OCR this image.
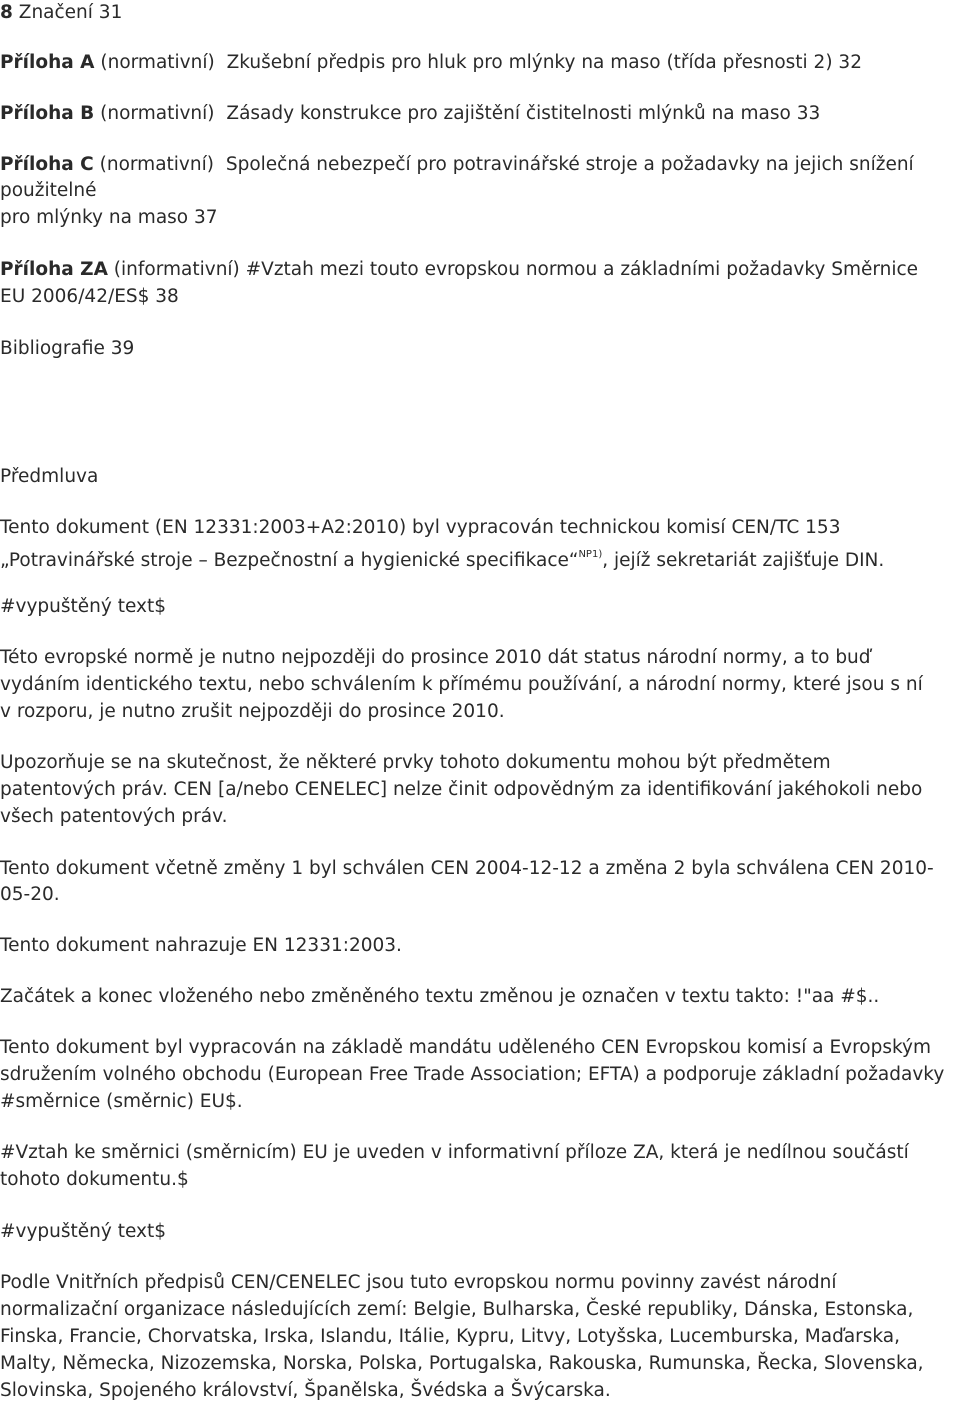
8 Značení 31
Příloha A (normativní) Zkušební předpis pro hluk pro mlýnky na maso (třída přesnosti 2) 32
Příloha B (normativní) Zásady konstrukce pro zajištění čistitelnosti mlýnků na maso 33
Příloha C (normativní) Společná nebezpečí pro potravinářské stroje a požadavky na jejich snížení
použitelné
pro mlýnky na maso 37
Příloha ZA (informativní) #Vztah mezi touto evropskou normou a základními požadavky Směrnice
EU 2006/42/ES$ 38
Bibliografie 39
Předmluva
Tento dokument (EN 12331:2003+A2:2010) byl vypracován technickou komisí CEN/TC 153
„Potravinářské stroje – Bezpečnostní a hygienické specifikace“$^{NP1)}$, jejíž sekretariát zajišťuje DIN.
#vypuštěný text$
Této evropské normě je nutno nejpozději do prosince 2010 dát status národní normy, a to buď
vydáním identického textu, nebo schválením k přímému používání, a národní normy, které jsou s ní
v rozporu, je nutno zrušit nejpozději do prosince 2010.
Upozorňuje se na skutečnost, že některé prvky tohoto dokumentu mohou být předmětem
patentových práv. CEN [a/nebo CENELEC] nelze činit odpovědným za identifikování jakéhokoli nebo
všech patentových práv.
Tento dokument včetně změny 1 byl schválen CEN 2004-12-12 a změna 2 byla schválena CEN 2010-
05-20.
Tento dokument nahrazuje EN 12331:2003.
Začátek a konec vloženého nebo změněného textu změnou je označen v textu takto: !"aa #$..
Tento dokument byl vypracován na základě mandátu uděleného CEN Evropskou komisí a Evropským
sdružením volného obchodu (European Free Trade Association; EFTA) a podporuje základní požadavky
#směrnice (směrnic) EU$.
#Vztah ke směrnici (směrnicím) EU je uveden v informativní příloze ZA, která je nedílnou součástí
tohoto dokumentu.$
#vypuštěný text$
Podle Vnitřních předpisů CEN/CENELEC jsou tuto evropskou normu povinny zavést národní
normalizační organizace následujících zemí: Belgie, Bulharska, České republiky, Dánska, Estonska,
Finska, Francie, Chorvatska, Irska, Islandu, Itálie, Kypru, Litvy, Lotyšska, Lucemburska, Maďarska,
Malty, Německa, Nizozemska, Norska, Polska, Portugalska, Rakouska, Rumunska, Řecka, Slovenska,
Slovinska, Spojeného království, Španělska, Švédska a Švýcarska.
